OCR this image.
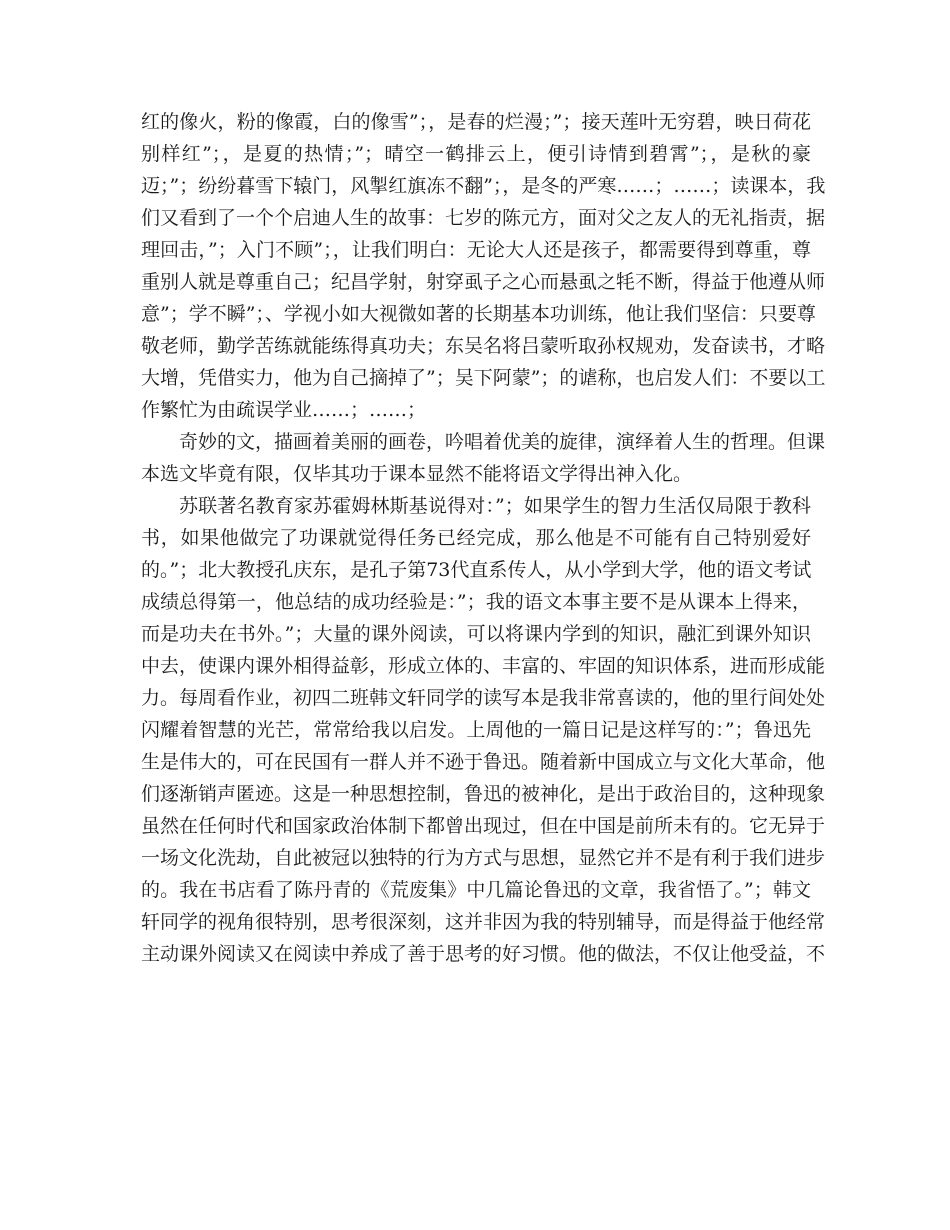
红的像火，粉的像霞，白的像雪”；，是春的烂漫；”；接天莲叶无穷碧，映日荷花
别样红”；，是夏的热情；”；晴空一鹤排云上，便引诗情到碧霄”；，是秋的豪
迈；”；纷纷暮雪下辕门，风掣红旗冻不翻”；，是冬的严寒……；……；读课本，我
们又看到了一个个启迪人生的故事：七岁的陈元方，面对父之友人的无礼指责，据
理回击，”；入门不顾”；，让我们明白：无论大人还是孩子，都需要得到尊重，尊
重别人就是尊重自己；纪昌学射，射穿虱子之心而悬虱之牦不断，得益于他遵从师
意”；学不瞬”；、学视小如大视微如著的长期基本功训练，他让我们坚信：只要尊
敬老师，勤学苦练就能练得真功夫；东吴名将吕蒙听取孙权规劝，发奋读书，才略
大增，凭借实力，他为自己摘掉了”；吴下阿蒙”；的谑称，也启发人们：不要以工
作繁忙为由疏误学业……；……；
奇妙的文，描画着美丽的画卷，吟唱着优美的旋律，演绎着人生的哲理。但课
本选文毕竟有限，仅毕其功于课本显然不能将语文学得出神入化。
苏联著名教育家苏霍姆林斯基说得对：”；如果学生的智力生活仅局限于教科
书，如果他做完了功课就觉得任务已经完成，那么他是不可能有自己特别爱好
的。”；北大教授孔庆东，是孔子第73代直系传人，从小学到大学，他的语文考试
成绩总得第一，他总结的成功经验是：”；我的语文本事主要不是从课本上得来，
而是功夫在书外。”；大量的课外阅读，可以将课内学到的知识，融汇到课外知识
中去，使课内课外相得益彰，形成立体的、丰富的、牢固的知识体系，进而形成能
力。每周看作业，初四二班韩文轩同学的读写本是我非常喜读的，他的里行间处处
闪耀着智慧的光芒，常常给我以启发。上周他的一篇日记是这样写的：”；鲁迅先
生是伟大的，可在民国有一群人并不逊于鲁迅。随着新中国成立与文化大革命，他
们逐渐销声匿迹。这是一种思想控制，鲁迅的被神化，是出于政治目的，这种现象
虽然在任何时代和国家政治体制下都曾出现过，但在中国是前所未有的。它无异于
一场文化洗劫，自此被冠以独特的行为方式与思想，显然它并不是有利于我们进步
的。我在书店看了陈丹青的《荒废集》中几篇论鲁迅的文章，我省悟了。”；韩文
轩同学的视角很特别，思考很深刻，这并非因为我的特别辅导，而是得益于他经常
主动课外阅读又在阅读中养成了善于思考的好习惯。他的做法，不仅让他受益，不
